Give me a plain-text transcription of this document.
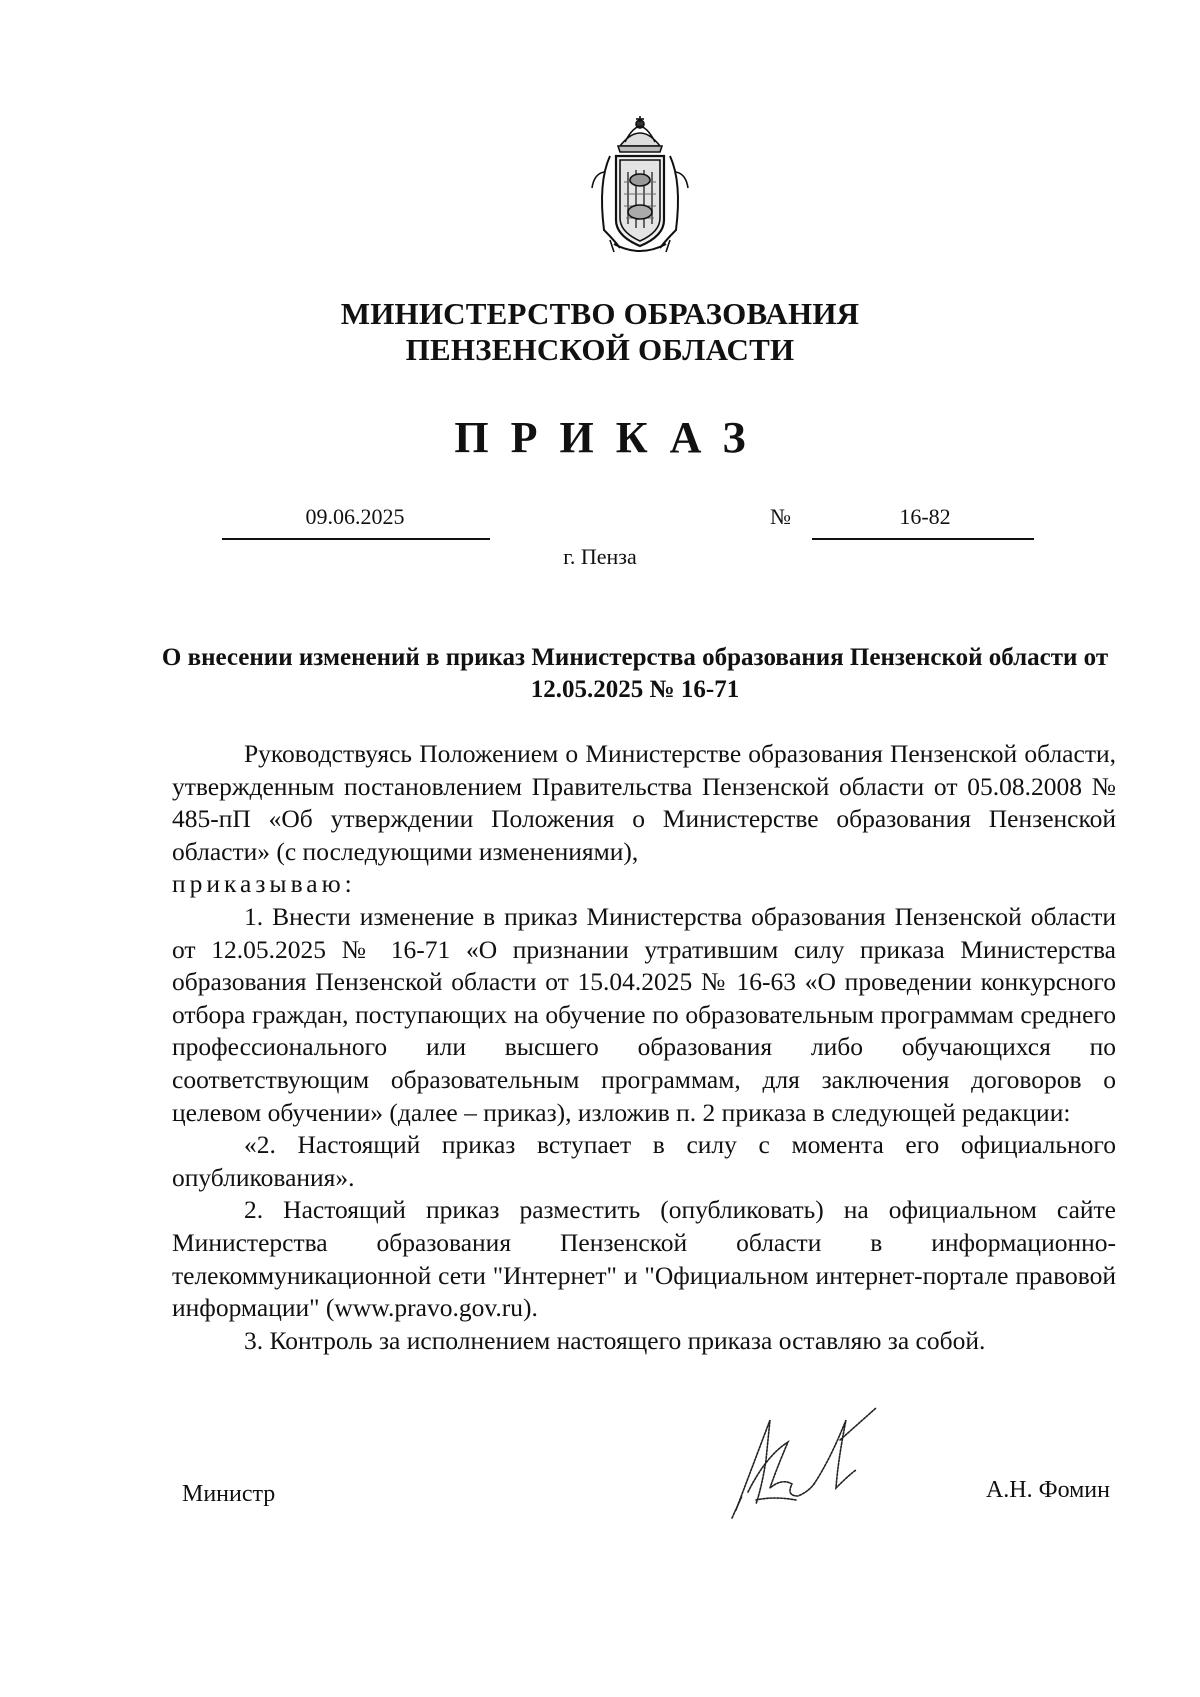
МИНИСТЕРСТВО ОБРАЗОВАНИЯ
ПЕНЗЕНСКОЙ ОБЛАСТИ
ПРИКАЗ
09.06.2025	№	16-82
г. Пенза
О внесении изменений в приказ Министерства образования Пензенской области от 12.05.2025 № 16-71

Руководствуясь Положением о Министерстве образования Пензенской области, утвержденным постановлением Правительства Пензенской области от 05.08.2008 № 485-пП «Об утверждении Положения о Министерстве образования Пензенской области» (с последующими изменениями),
приказываю:

1. Внести изменение в приказ Министерства образования Пензенской области от 12.05.2025 № 16-71 «О признании утратившим силу приказа Министерства образования Пензенской области от 15.04.2025 № 16-63 «О проведении конкурсного отбора граждан, поступающих на обучение по образовательным программам среднего профессионального или высшего образования либо обучающихся по соответствующим образовательным программам, для заключения договоров о целевом обучении» (далее – приказ), изложив п. 2 приказа в следующей редакции:

«2. Настоящий приказ вступает в силу с момента его официального опубликования».

2. Настоящий приказ разместить (опубликовать) на официальном сайте Министерства образования Пензенской области в информационно-телекоммуникационной сети "Интернет" и "Официальном интернет-портале правовой информации" (www.pravo.gov.ru).

3. Контроль за исполнением настоящего приказа оставляю за собой.

Министр	А.Н. Фомин
